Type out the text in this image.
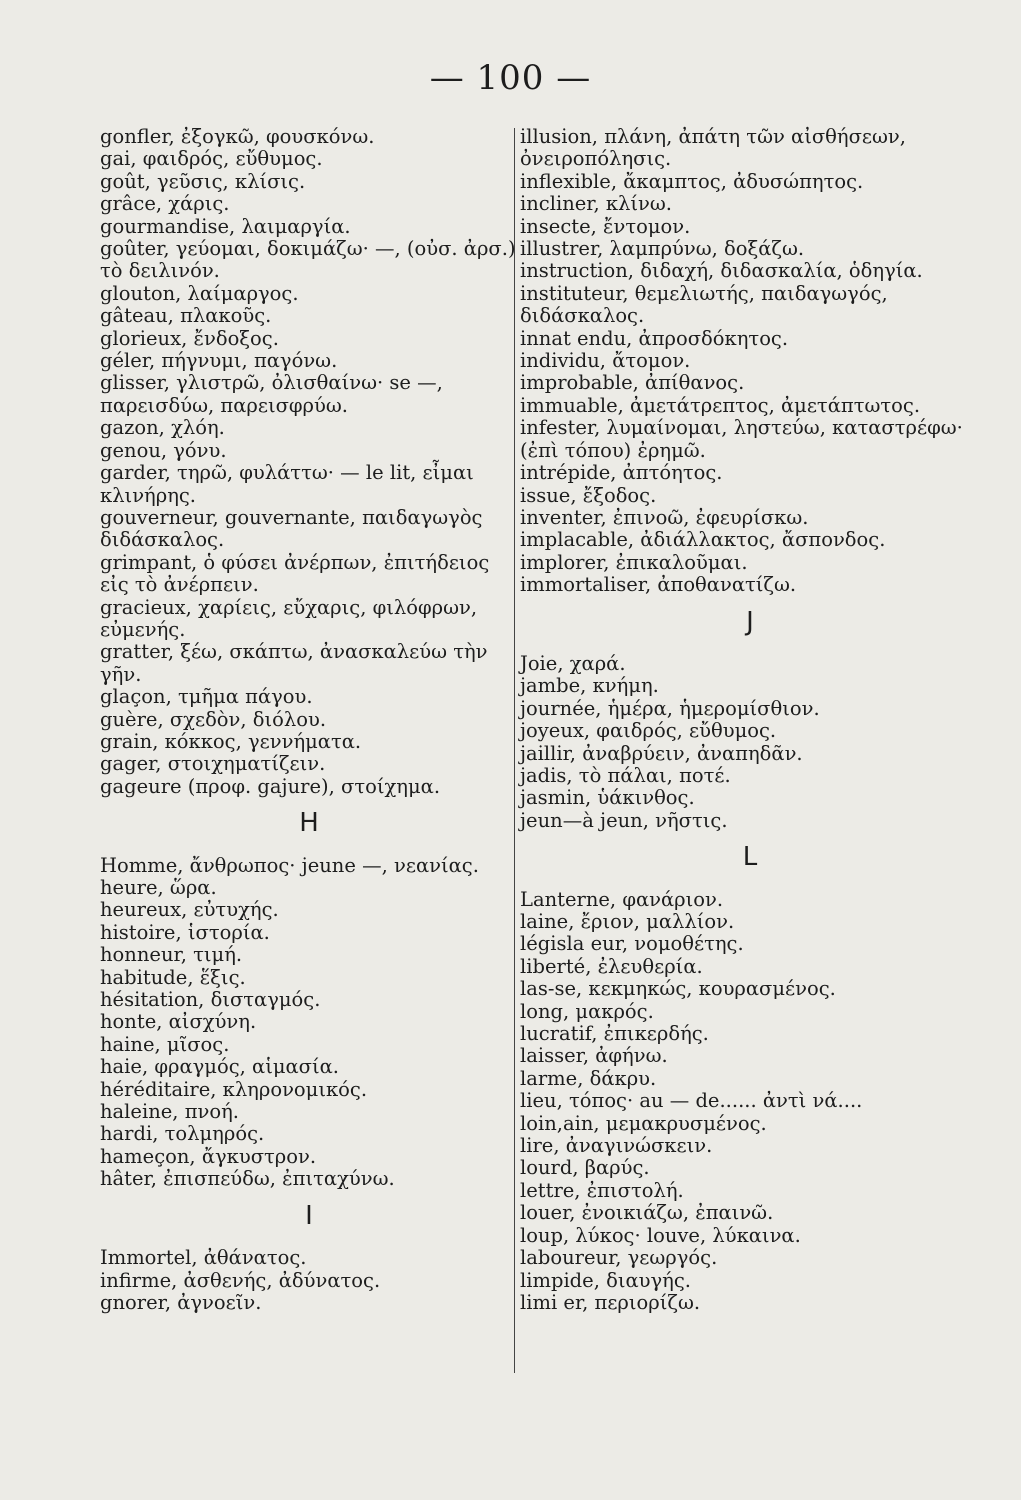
— 100 —
gonfler, ἐξογκῶ, φουσκόνω.
gai, φαιδρός, εὔθυμος.
goût, γεῦσις, κλίσις.
grâce, χάρις.
gourmandise, λαιμαργία.
goûter, γεύομαι, δοκιμάζω· —, (οὐσ. ἀρσ.) τὸ δειλινόν.
glouton, λαίμαργος.
gâteau, πλακοῦς.
glorieux, ἔνδοξος.
géler, πήγνυμι, παγόνω.
glisser, γλιστρῶ, ὀλισθαίνω· se —, παρεισδύω, παρεισφρύω.
gazon, χλόη.
genou, γόνυ.
garder, τηρῶ, φυλάττω· — le lit, εἶμαι κλινήρης.
gouverneur, gouvernante, παιδαγωγὸς διδάσκαλος.
grimpant, ὁ φύσει ἀνέρπων, ἐπιτήδειος εἰς τὸ ἀνέρπειν.
gracieux, χαρίεις, εὔχαρις, φιλόφρων, εὐμενής.
gratter, ξέω, σκάπτω, ἀνασκαλεύω τὴν γῆν.
glaçon, τμῆμα πάγου.
guère, σχεδὸν, διόλου.
grain, κόκκος, γεννήματα.
gager, στοιχηματίζειν.
gageure (προφ. gajure), στοίχημα.
H
Homme, ἄνθρωπος· jeune —, νεανίας.
heure, ὥρα.
heureux, εὐτυχής.
histoire, ἱστορία.
honneur, τιμή.
habitude, ἕξις.
hésitation, δισταγμός.
honte, αἰσχύνη.
haine, μῖσος.
haie, φραγμός, αἱμασία.
héréditaire, κληρονομικός.
haleine, πνοή.
hardi, τολμηρός.
hameçon, ἄγκυστρον.
hâter, ἐπισπεύδω, ἐπιταχύνω.
I
Immortel, ἀθάνατος.
infirme, ἀσθενής, ἀδύνατος.
gnorer, ἀγνοεῖν.
illusion, πλάνη, ἀπάτη τῶν αἰσθήσεων, ὀνειροπόλησις.
inflexible, ἄκαμπτος, ἀδυσώπητος.
incliner, κλίνω.
insecte, ἔντομον.
illustrer, λαμπρύνω, δοξάζω.
instruction, διδαχή, διδασκαλία, ὁδηγία.
instituteur, θεμελιωτής, παιδαγωγός, διδάσκαλος.
innat endu, ἀπροσδόκητος.
individu, ἄτομον.
improbable, ἀπίθανος.
immuable, ἀμετάτρεπτος, ἀμετάπτωτος.
infester, λυμαίνομαι, ληστεύω, καταστρέφω· (ἐπὶ τόπου) ἐρημῶ.
intrépide, ἀπτόητος.
issue, ἔξοδος.
inventer, ἐπινοῶ, ἐφευρίσκω.
implacable, ἀδιάλλακτος, ἄσπονδος.
implorer, ἐπικαλοῦμαι.
immortaliser, ἀποθανατίζω.
J
Joie, χαρά.
jambe, κνήμη.
journée, ἡμέρα, ἡμερομίσθιον.
joyeux, φαιδρός, εὔθυμος.
jaillir, ἀναβρύειν, ἀναπηδᾶν.
jadis, τὸ πάλαι, ποτέ.
jasmin, ὑάκινθος.
jeun—à jeun, νῆστις.
L
Lanterne, φανάριον.
laine, ἔριον, μαλλίον.
législa eur, νομοθέτης.
liberté, ἐλευθερία.
las-se, κεκμηκώς, κουρασμένος.
long, μακρός.
lucratif, ἐπικερδής.
laisser, ἀφήνω.
larme, δάκρυ.
lieu, τόπος· au — de...... ἀντὶ νά....
loin,ain, μεμακρυσμένος.
lire, ἀναγινώσκειν.
lourd, βαρύς.
lettre, ἐπιστολή.
louer, ἐνοικιάζω, ἐπαινῶ.
loup, λύκος· louve, λύκαινα.
laboureur, γεωργός.
limpide, διαυγής.
limi er, περιορίζω.
